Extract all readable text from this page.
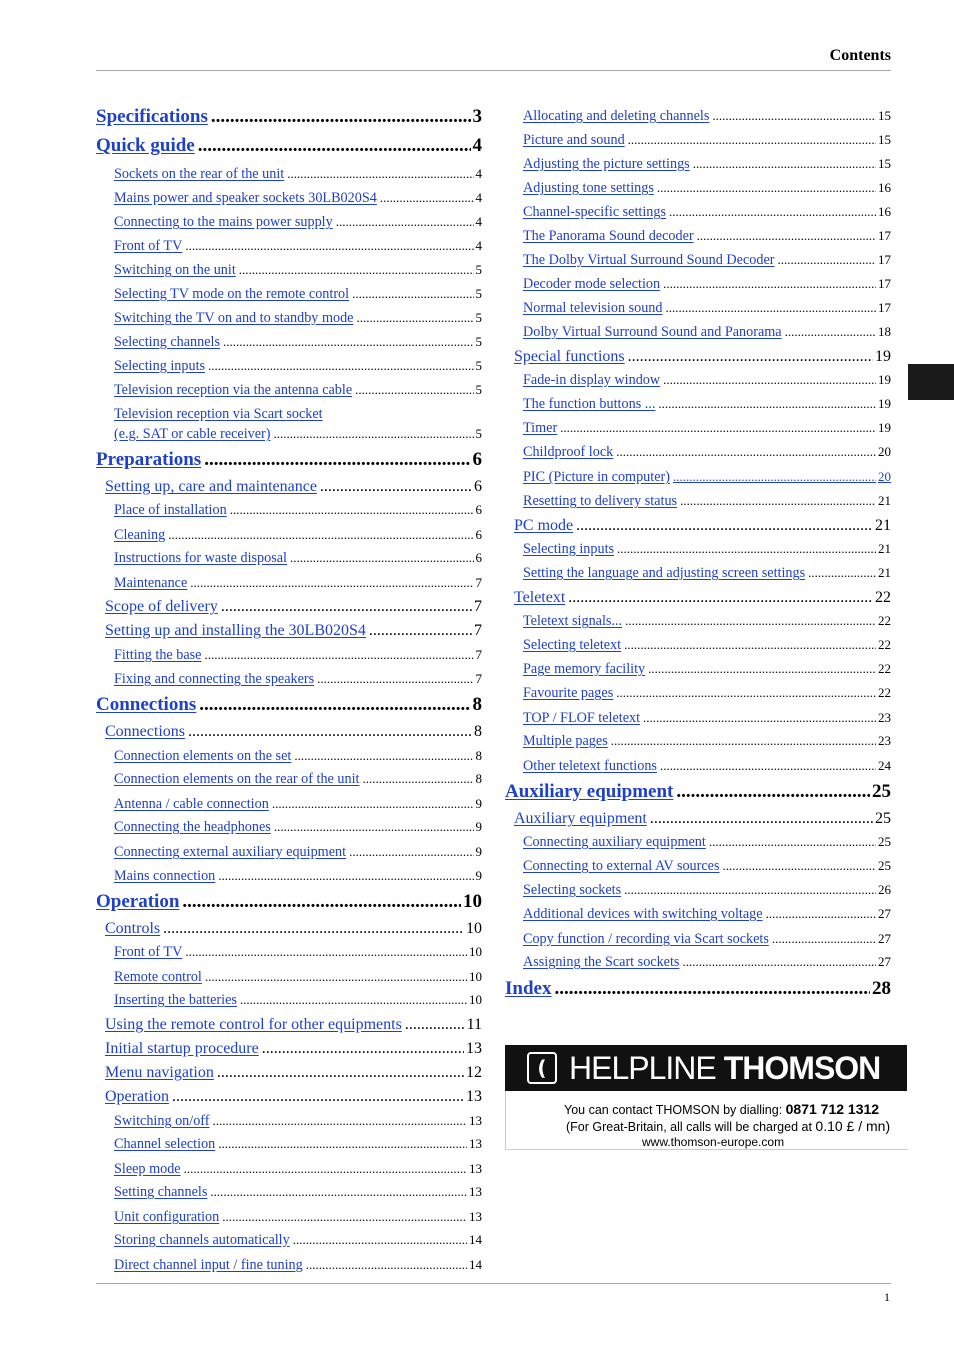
Contents
Specifications .....	3
Quick guide .....	4
Sockets on the rear of the unit .....	4
Mains power and speaker sockets 30LB020S4 .....	4
Connecting to the mains power supply .....	4
Front of TV .....	4
Switching on the unit .....	5
Selecting TV mode on the remote control .....	5
Switching the TV on and to standby mode .....	5
Selecting channels .....	5
Selecting inputs .....	5
Television reception via the antenna cable .....	5
Television reception via Scart socket
(e.g. SAT or cable receiver) .....	5
Preparations .....	6
Setting up, care and maintenance .....	6
Place of installation .....	6
Cleaning .....	6
Instructions for waste disposal .....	6
Maintenance .....	7
Scope of delivery .....	7
Setting up and installing the 30LB020S4 .....	7
Fitting the base .....	7
Fixing and connecting the speakers .....	7
Connections .....	8
Connections .....	8
Connection elements on the set .....	8
Connection elements on the rear of the unit .....	8
Antenna / cable connection .....	9
Connecting the headphones .....	9
Connecting external auxiliary equipment .....	9
Mains connection .....	9
Operation .....	10
Controls .....	10
Front of TV .....	10
Remote control .....	10
Inserting the batteries .....	10
Using the remote control for other equipments .....	11
Initial startup procedure .....	13
Menu navigation .....	12
Operation .....	13
Switching on/off .....	13
Channel selection .....	13
Sleep mode .....	13
Setting channels .....	13
Unit configuration .....	13
Storing channels automatically .....	14
Direct channel input / fine tuning .....	14
Allocating and deleting channels .....	15
Picture and sound .....	15
Adjusting the picture settings .....	15
Adjusting tone settings .....	16
Channel-specific settings .....	16
The Panorama Sound decoder .....	17
The Dolby Virtual Surround Sound Decoder .....	17
Decoder mode selection .....	17
Normal television sound .....	17
Dolby Virtual Surround Sound and Panorama .....	18
Special functions .....	19
Fade-in display window .....	19
The function buttons ... .....	19
Timer .....	19
Childproof lock .....	20
PIC (Picture in computer) .....	20
Resetting to delivery status .....	21
PC mode .....	21
Selecting inputs .....	21
Setting the language and adjusting screen settings .....	21
Teletext .....	22
Teletext signals... .....	22
Selecting teletext .....	22
Page memory facility .....	22
Favourite pages .....	22
TOP / FLOF teletext .....	23
Multiple pages .....	23
Other teletext functions .....	24
Auxiliary equipment .....	25
Auxiliary equipment .....	25
Connecting auxiliary equipment .....	25
Connecting to external AV sources .....	25
Selecting sockets .....	26
Additional devices with switching voltage .....	27
Copy function / recording via Scart sockets .....	27
Assigning the Scart sockets .....	27
Index .....	28
( HELPLINE THOMSON
You can contact THOMSON by dialling: 0871 712 1312
(For Great-Britain, all calls will be charged at 0.10 £ / mn)
www.thomson-europe.com
1
